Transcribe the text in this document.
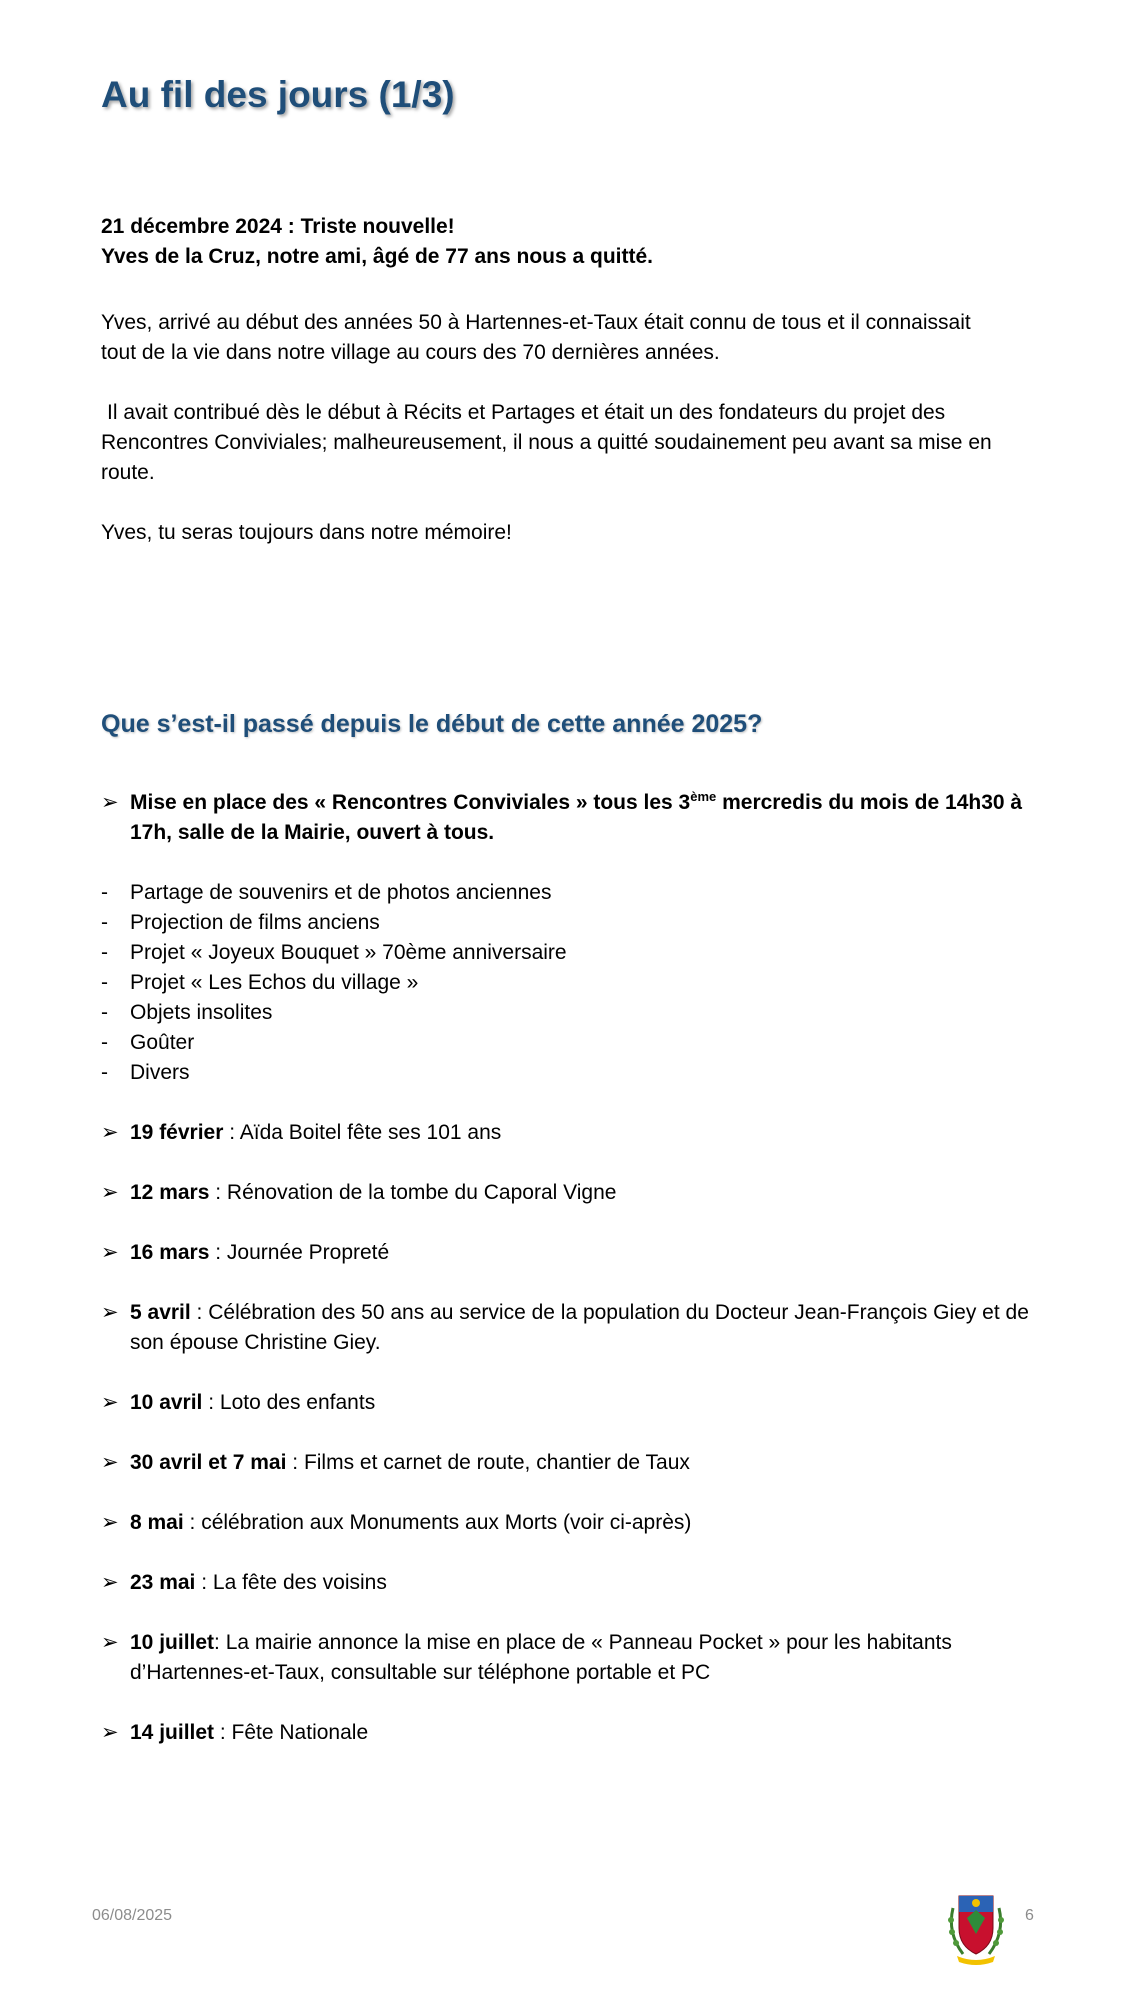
Au fil des jours (1/3)
21 décembre 2024 : Triste nouvelle!
Yves de la Cruz, notre ami, âgé de 77 ans nous a quitté.
Yves, arrivé au début des années 50 à Hartennes-et-Taux était connu de tous et il connaissait tout de la vie dans notre village au cours des 70 dernières années.
Il avait contribué dès le début à Récits et Partages et était un des fondateurs du projet des Rencontres Conviviales; malheureusement, il nous a quitté soudainement peu avant sa mise en route.
Yves, tu seras toujours dans notre mémoire!
Que s’est-il passé depuis le début de cette année 2025?
➢ Mise en place des « Rencontres Conviviales » tous les 3ème mercredis du mois de 14h30 à 17h, salle de la Mairie, ouvert à tous.
- Partage de souvenirs et de photos anciennes
- Projection de films anciens
- Projet « Joyeux Bouquet » 70ème anniversaire
- Projet « Les Echos du village »
- Objets insolites
- Goûter
- Divers
➢ 19 février : Aïda Boitel fête ses 101 ans
➢ 12 mars : Rénovation de la tombe du Caporal Vigne
➢ 16 mars : Journée Propreté
➢ 5 avril : Célébration des 50 ans au service de la population du Docteur Jean-François Giey et de son épouse Christine Giey.
➢ 10 avril : Loto des enfants
➢ 30 avril et 7 mai : Films et carnet de route, chantier de Taux
➢ 8 mai : célébration aux Monuments aux Morts (voir ci-après)
➢ 23 mai : La fête des voisins
➢ 10 juillet: La mairie annonce la mise en place de « Panneau Pocket » pour les habitants d’Hartennes-et-Taux, consultable sur téléphone portable et PC
➢ 14 juillet : Fête Nationale
06/08/2025	6
